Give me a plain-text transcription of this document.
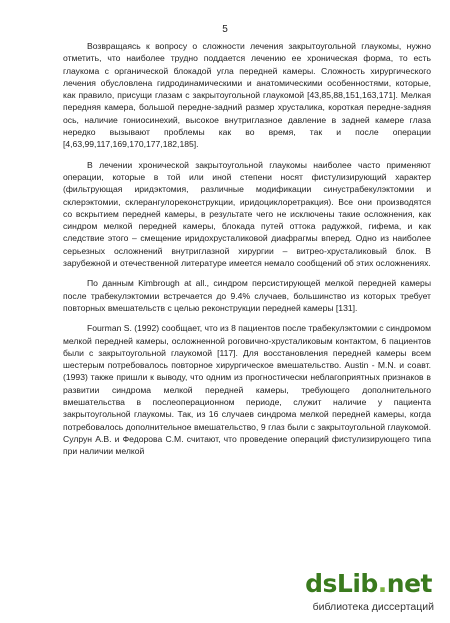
5

Возвращаясь к вопросу о сложности лечения закрытоугольной глаукомы, нужно отметить, что наиболее трудно поддается лечению ее хроническая форма, то есть глаукома с органической блокадой угла передней камеры. Сложность хирургического лечения обусловлена гидродинамическими и анатомическими особенностями, которые, как правило, присущи глазам с закрытоугольной глаукомой [43,85,88,151,163,171]. Мелкая передняя камера, большой передне-задний размер хрусталика, короткая передне-задняя ось, наличие гониосинехий, высокое внутриглазное давление в задней камере глаза нередко вызывают проблемы как во время, так и после операции [4,63,99,117,169,170,177,182,185].

В лечении хронической закрытоугольной глаукомы наиболее часто применяют операции, которые в той или иной степени носят фистулизирующий характер (фильтрующая иридэктомия, различные модификации синустрабекулэктомии и склерэктомии, склерангулореконструкции, иридоциклоретракция). Все они производятся со вскрытием передней камеры, в результате чего не исключены такие осложнения, как синдром мелкой передней камеры, блокада путей оттока радужкой, гифема, и как следствие этого – смещение иридохрусталиковой диафрагмы вперед. Одно из наиболее серьезных осложнений внутриглазной хирургии – витрео-хрусталиковый блок. В зарубежной и отечественной литературе имеется немало сообщений об этих осложнениях.

По данным Kimbrough at all., синдром персистирующей мелкой передней камеры после трабекулэктомии встречается до 9.4% случаев, большинство из которых требует повторных вмешательств с целью реконструкции передней камеры [131].

Fourman S. (1992) сообщает, что из 8 пациентов после трабекулэктомии с синдромом мелкой передней камеры, осложненной роговично-хрусталиковым контактом, 6 пациентов были с закрытоугольной глаукомой [117]. Для восстановления передней камеры всем шестерым потребовалось повторное хирургическое вмешательство. Austin - M.N. и соавт.(1993) также пришли к выводу, что одним из прогностически неблагоприятных признаков в развитии синдрома мелкой передней камеры, требующего дополнительного вмешательства в послеоперационном периоде, служит наличие у пациента закрытоугольной глаукомы. Так, из 16 случаев синдрома мелкой передней камеры, когда потребовалось дополнительное вмешательство, 9 глаз были с закрытоугольной глаукомой. Сулрун А.В. и Федорова С.М. считают, что проведение операций фистулизирующего типа при наличии мелкой

dsLib.net
библиотека диссертаций
